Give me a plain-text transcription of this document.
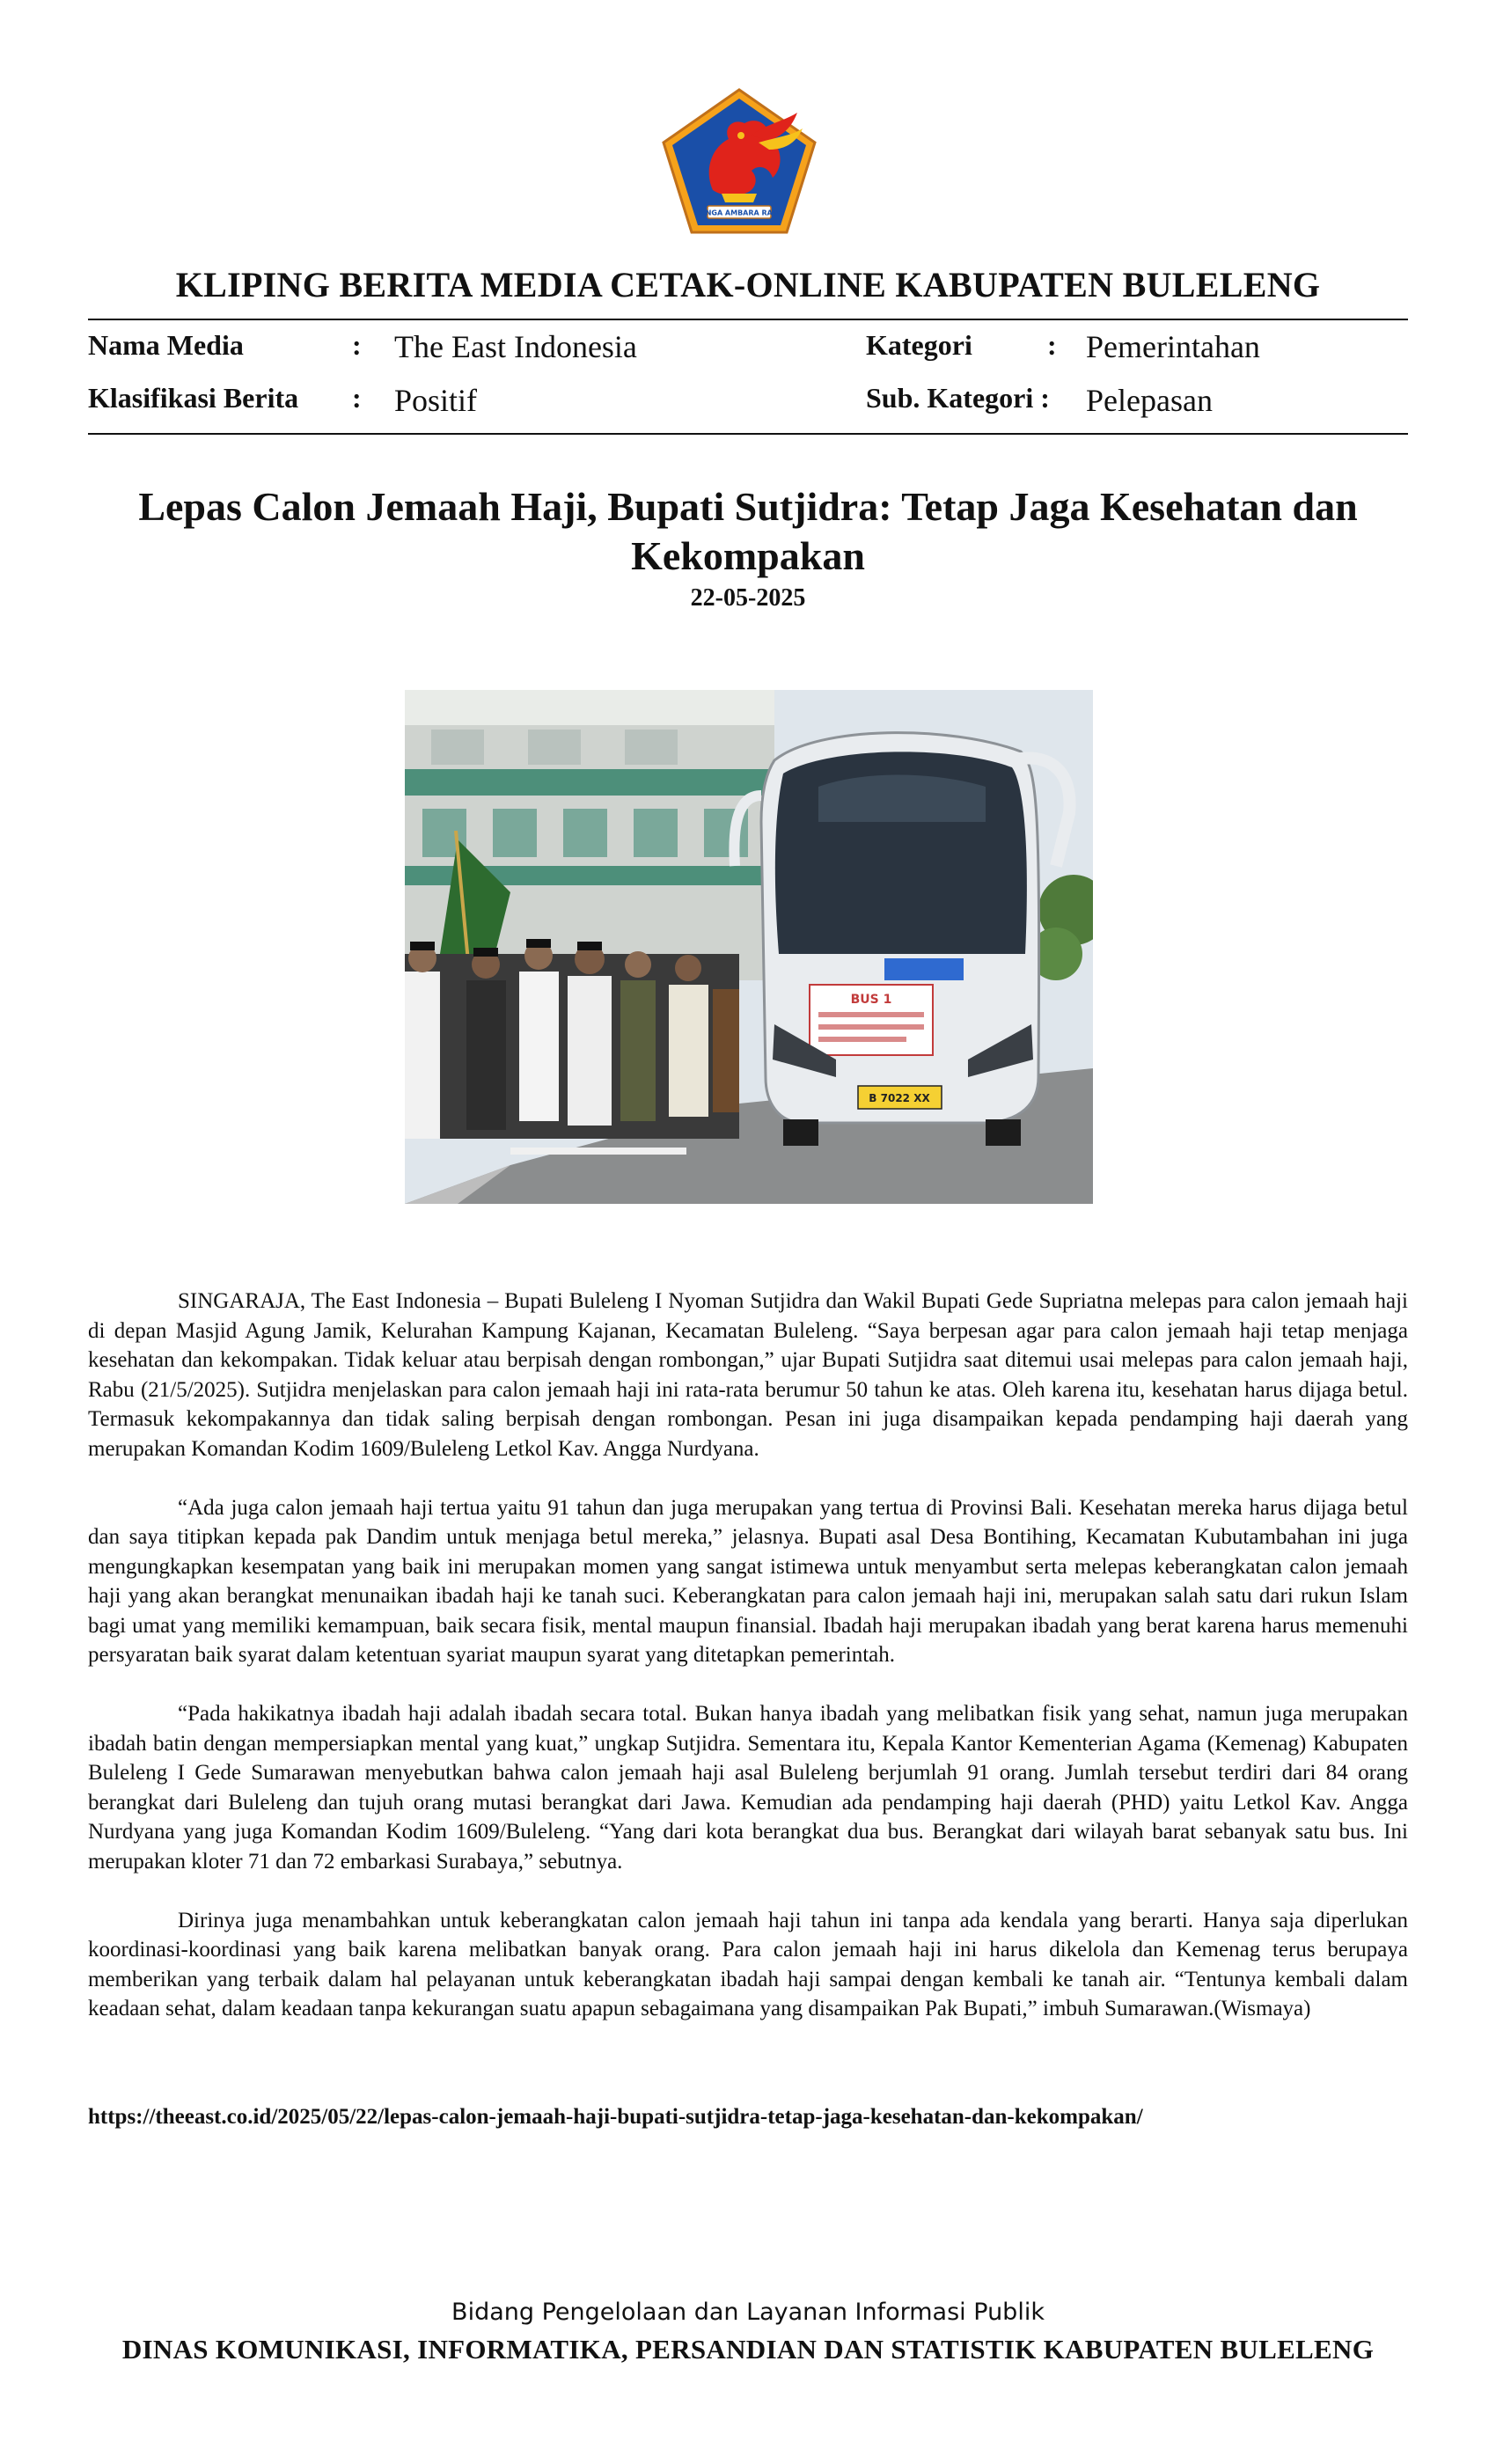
SINGA AMBARA RAJA
KLIPING BERITA MEDIA CETAK-ONLINE KABUPATEN BULELENG
Nama Media	: The East Indonesia	Kategori	: Pemerintahan
Klasifikasi Berita : Positif	Sub. Kategori : Pelepasan
Lepas Calon Jemaah Haji, Bupati Sutjidra: Tetap Jaga Kesehatan dan Kekompakan
22-05-2025
BUS 1
B 7022 XX

SINGARAJA, The East Indonesia – Bupati Buleleng I Nyoman Sutjidra dan Wakil Bupati Gede Supriatna melepas para calon jemaah haji di depan Masjid Agung Jamik, Kelurahan Kampung Kajanan, Kecamatan Buleleng. “Saya berpesan agar para calon jemaah haji tetap menjaga kesehatan dan kekompakan. Tidak keluar atau berpisah dengan rombongan,” ujar Bupati Sutjidra saat ditemui usai melepas para calon jemaah haji, Rabu (21/5/2025). Sutjidra menjelaskan para calon jemaah haji ini rata-rata berumur 50 tahun ke atas. Oleh karena itu, kesehatan harus dijaga betul. Termasuk kekompakannya dan tidak saling berpisah dengan rombongan. Pesan ini juga disampaikan kepada pendamping haji daerah yang merupakan Komandan Kodim 1609/Buleleng Letkol Kav. Angga Nurdyana.

“Ada juga calon jemaah haji tertua yaitu 91 tahun dan juga merupakan yang tertua di Provinsi Bali. Kesehatan mereka harus dijaga betul dan saya titipkan kepada pak Dandim untuk menjaga betul mereka,” jelasnya. Bupati asal Desa Bontihing, Kecamatan Kubutambahan ini juga mengungkapkan kesempatan yang baik ini merupakan momen yang sangat istimewa untuk menyambut serta melepas keberangkatan calon jemaah haji yang akan berangkat menunaikan ibadah haji ke tanah suci. Keberangkatan para calon jemaah haji ini, merupakan salah satu dari rukun Islam bagi umat yang memiliki kemampuan, baik secara fisik, mental maupun finansial. Ibadah haji merupakan ibadah yang berat karena harus memenuhi persyaratan baik syarat dalam ketentuan syariat maupun syarat yang ditetapkan pemerintah.

“Pada hakikatnya ibadah haji adalah ibadah secara total. Bukan hanya ibadah yang melibatkan fisik yang sehat, namun juga merupakan ibadah batin dengan mempersiapkan mental yang kuat,” ungkap Sutjidra. Sementara itu, Kepala Kantor Kementerian Agama (Kemenag) Kabupaten Buleleng I Gede Sumarawan menyebutkan bahwa calon jemaah haji asal Buleleng berjumlah 91 orang. Jumlah tersebut terdiri dari 84 orang berangkat dari Buleleng dan tujuh orang mutasi berangkat dari Jawa. Kemudian ada pendamping haji daerah (PHD) yaitu Letkol Kav. Angga Nurdyana yang juga Komandan Kodim 1609/Buleleng. “Yang dari kota berangkat dua bus. Berangkat dari wilayah barat sebanyak satu bus. Ini merupakan kloter 71 dan 72 embarkasi Surabaya,” sebutnya.

Dirinya juga menambahkan untuk keberangkatan calon jemaah haji tahun ini tanpa ada kendala yang berarti. Hanya saja diperlukan koordinasi-koordinasi yang baik karena melibatkan banyak orang. Para calon jemaah haji ini harus dikelola dan Kemenag terus berupaya memberikan yang terbaik dalam hal pelayanan untuk keberangkatan ibadah haji sampai dengan kembali ke tanah air. “Tentunya kembali dalam keadaan sehat, dalam keadaan tanpa kekurangan suatu apapun sebagaimana yang disampaikan Pak Bupati,” imbuh Sumarawan.(Wismaya)

https://theeast.co.id/2025/05/22/lepas-calon-jemaah-haji-bupati-sutjidra-tetap-jaga-kesehatan-dan-kekompakan/
Bidang Pengelolaan dan Layanan Informasi Publik
DINAS KOMUNIKASI, INFORMATIKA, PERSANDIAN DAN STATISTIK KABUPATEN BULELENG
